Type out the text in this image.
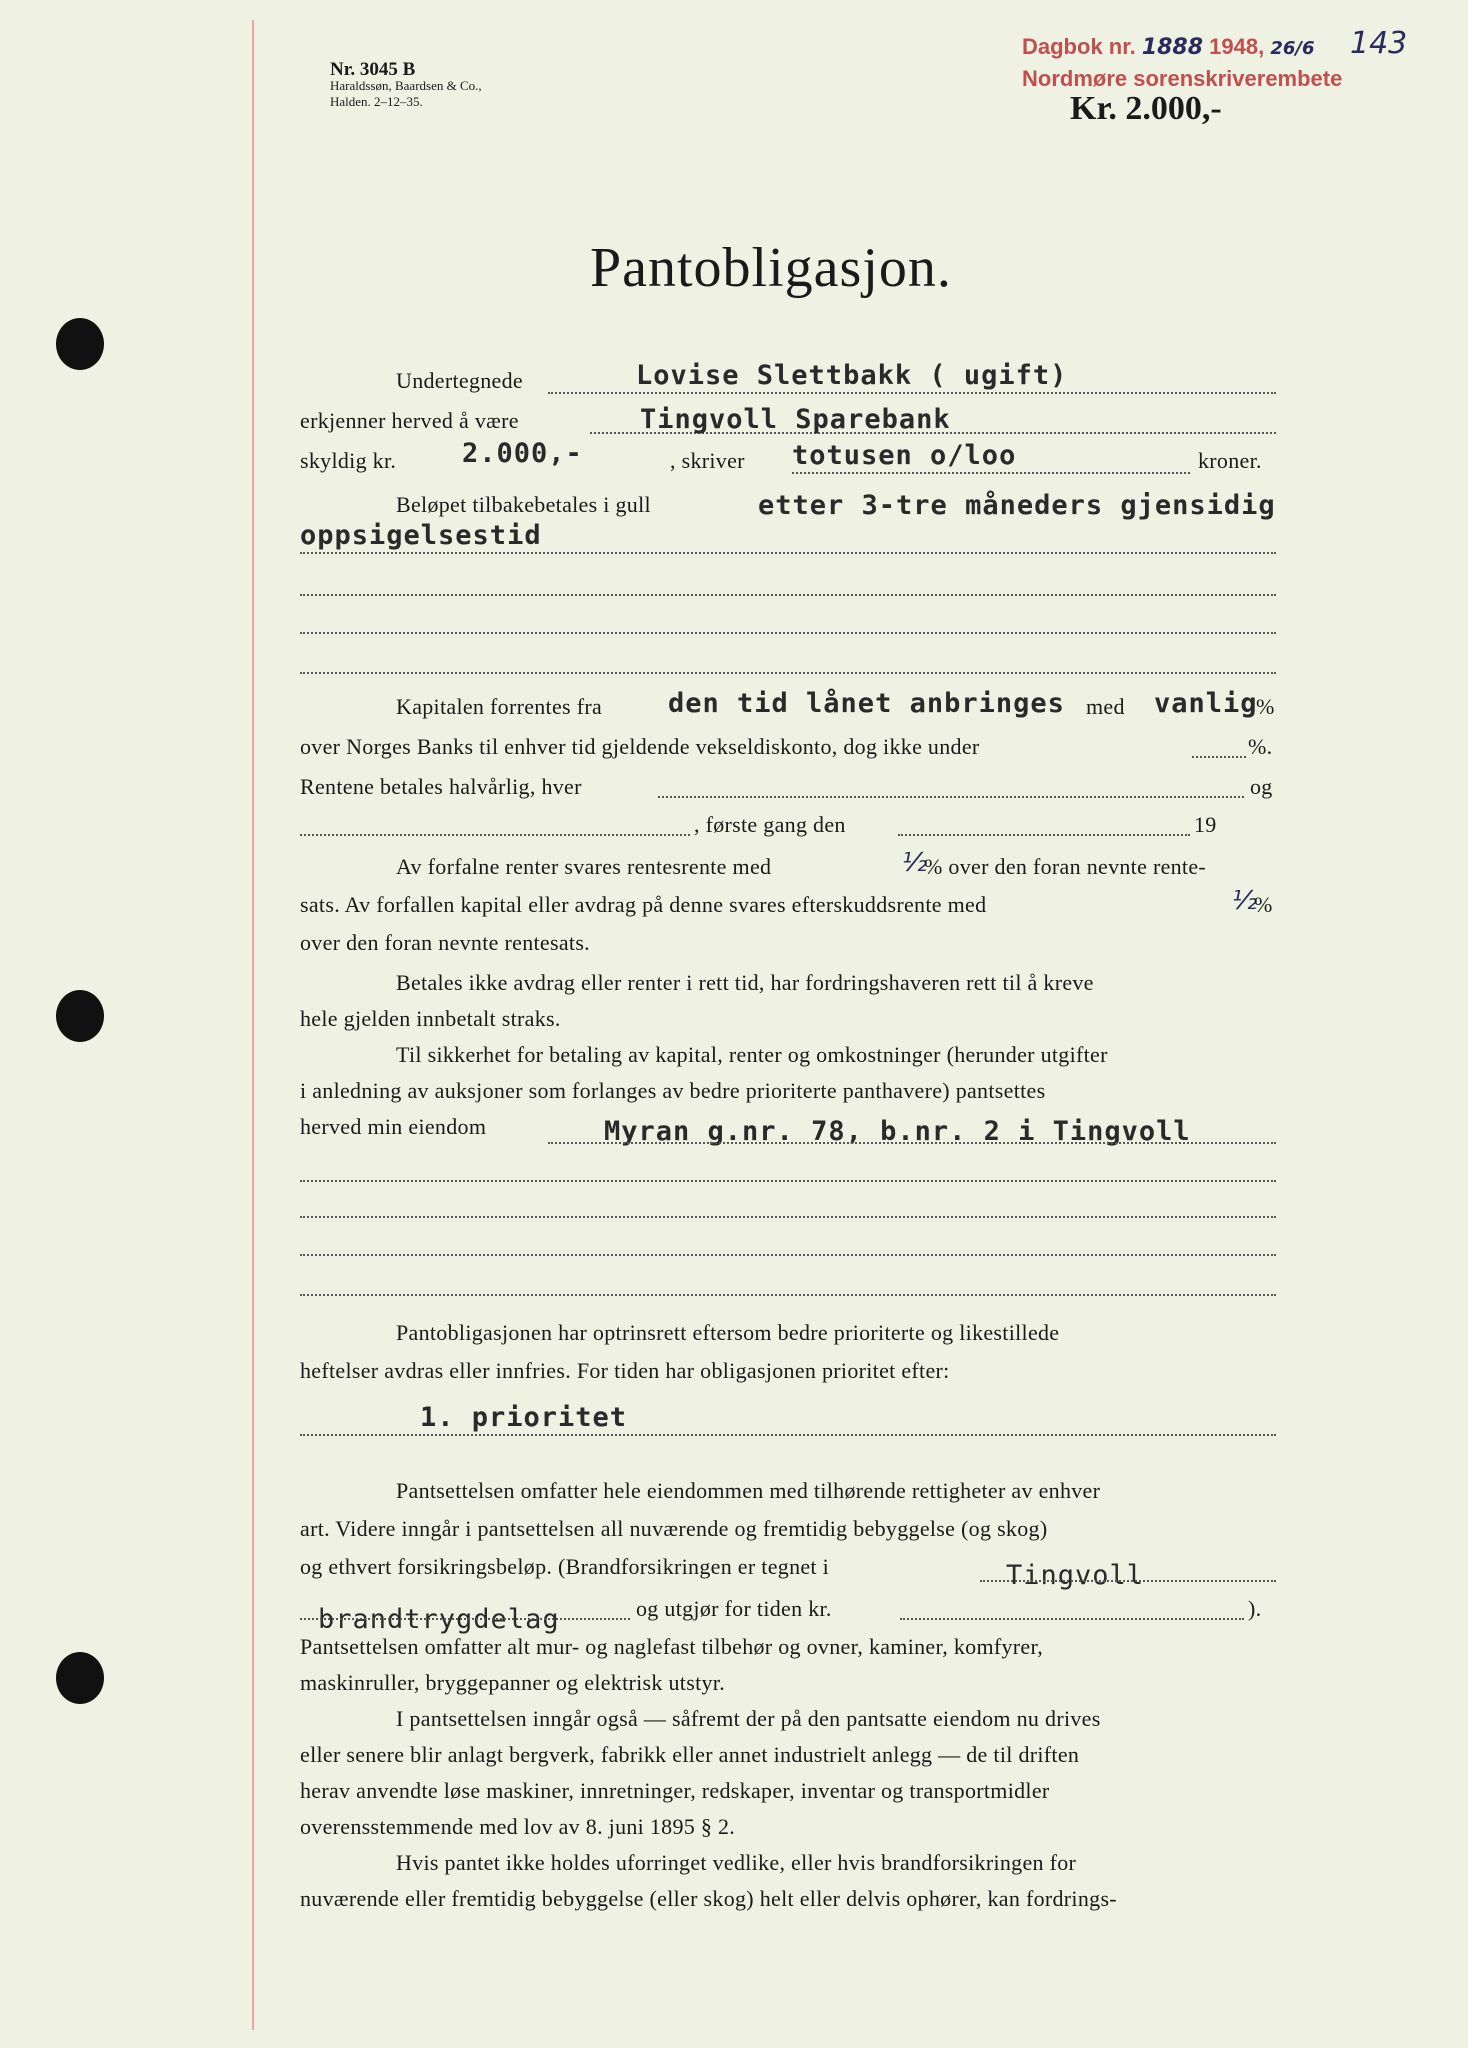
Nr. 3045 B
Haraldssøn, Baardsen & Co.,
Halden. 2–12–35.
Dagbok nr. 1888 1948, 26/6 143
Nordmøre sorenskriverembete
Kr. 2.000,-
Pantobligasjon.
Undertegnede	Lovise Slettbakk ( ugift)
erkjenner herved å være	Tingvoll Sparebank
skyldig kr. 2.000,-	, skriver totusen o/loo	kroner.
Beløpet tilbakebetales i gull	etter 3-tre måneders gjensidig
oppsigelsestid
Kapitalen forrentes fra den tid lånet anbringes med vanlig
%
over Norges Banks til enhver tid gjeldende vekseldiskonto, dog ikke under	%.
Rentene betales halvårlig, hver	og
, første gang den	19
Av forfalne renter svares rentesrente med	½
% over den foran nevnte rente-
sats. Av forfallen kapital eller avdrag på denne svares efterskuddsrente med	½
%
over den foran nevnte rentesats.
Betales ikke avdrag eller renter i rett tid, har fordringshaveren rett til å kreve
hele gjelden innbetalt straks.
Til sikkerhet for betaling av kapital, renter og omkostninger (herunder utgifter
i anledning av auksjoner som forlanges av bedre prioriterte panthavere) pantsettes
herved min eiendom	Myran g.nr. 78, b.nr. 2 i Tingvoll
Pantobligasjonen har optrinsrett eftersom bedre prioriterte og likestillede
heftelser avdras eller innfries. For tiden har obligasjonen prioritet efter:
1. prioritet
Pantsettelsen omfatter hele eiendommen med tilhørende rettigheter av enhver
art. Videre inngår i pantsettelsen all nuværende og fremtidig bebyggelse (og skog)
og ethvert forsikringsbeløp. (Brandforsikringen er tegnet i	Tingvoll
brandtrygdelag	og utgjør for tiden kr.	).
Pantsettelsen omfatter alt mur- og naglefast tilbehør og ovner, kaminer, komfyrer,
maskinruller, bryggepanner og elektrisk utstyr.
I pantsettelsen inngår også — såfremt der på den pantsatte eiendom nu drives
eller senere blir anlagt bergverk, fabrikk eller annet industrielt anlegg — de til driften
herav anvendte løse maskiner, innretninger, redskaper, inventar og transportmidler
overensstemmende med lov av 8. juni 1895 § 2.
Hvis pantet ikke holdes uforringet vedlike, eller hvis brandforsikringen for
nuværende eller fremtidig bebyggelse (eller skog) helt eller delvis ophører, kan fordrings-
